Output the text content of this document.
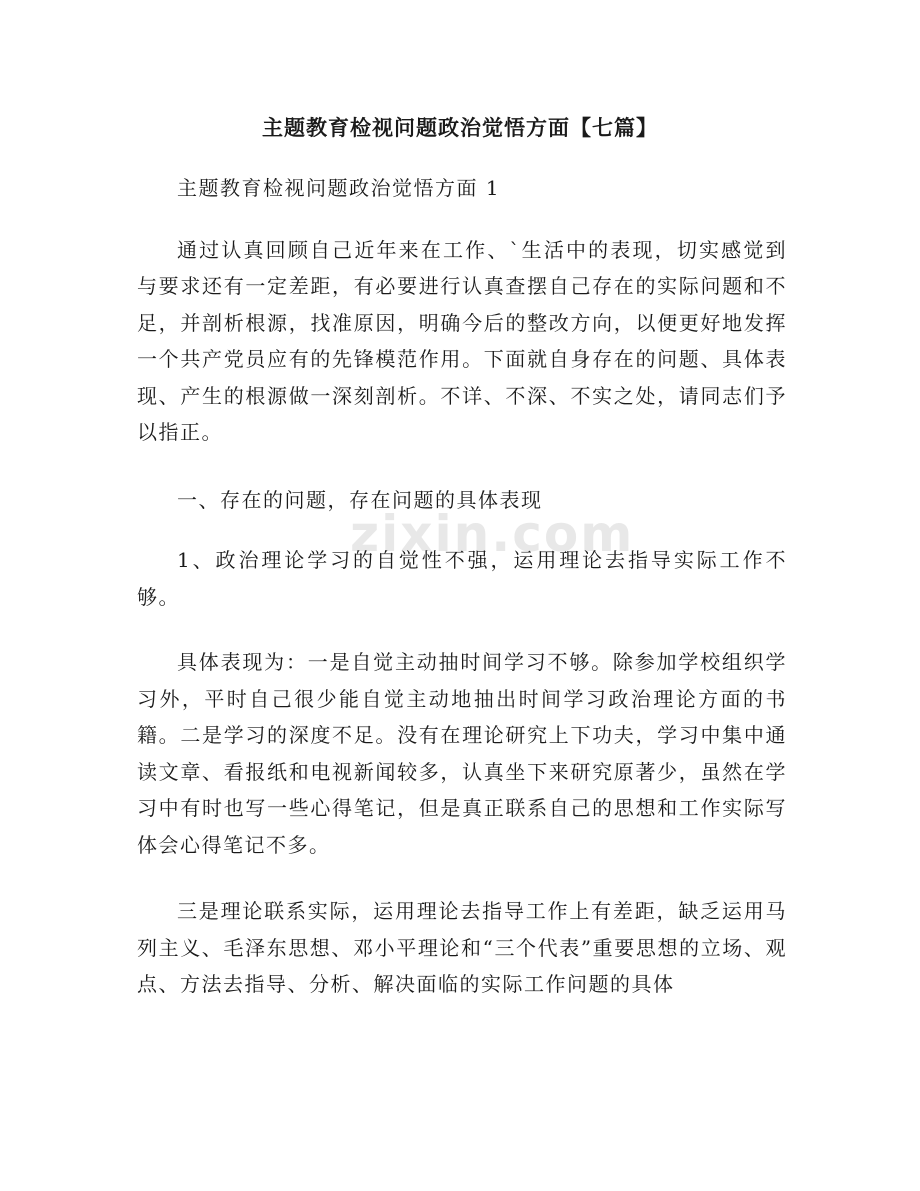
zixin.com
主题教育检视问题政治觉悟方面【七篇】

主题教育检视问题政治觉悟方面 1

通过认真回顾自己近年来在工作、`生活中的表现，切实感觉到与要求还有一定差距，有必要进行认真查摆自己存在的实际问题和不足，并剖析根源，找准原因，明确今后的整改方向，以便更好地发挥一个共产党员应有的先锋模范作用。下面就自身存在的问题、具体表现、产生的根源做一深刻剖析。不详、不深、不实之处，请同志们予以指正。

一、存在的问题，存在问题的具体表现

1、政治理论学习的自觉性不强，运用理论去指导实际工作不够。

具体表现为：一是自觉主动抽时间学习不够。除参加学校组织学习外，平时自己很少能自觉主动地抽出时间学习政治理论方面的书籍。二是学习的深度不足。没有在理论研究上下功夫，学习中集中通读文章、看报纸和电视新闻较多，认真坐下来研究原著少，虽然在学习中有时也写一些心得笔记，但是真正联系自己的思想和工作实际写体会心得笔记不多。

三是理论联系实际，运用理论去指导工作上有差距，缺乏运用马列主义、毛泽东思想、邓小平理论和“三个代表”重要思想的立场、观点、方法去指导、分析、解决面临的实际工作问题的具体
